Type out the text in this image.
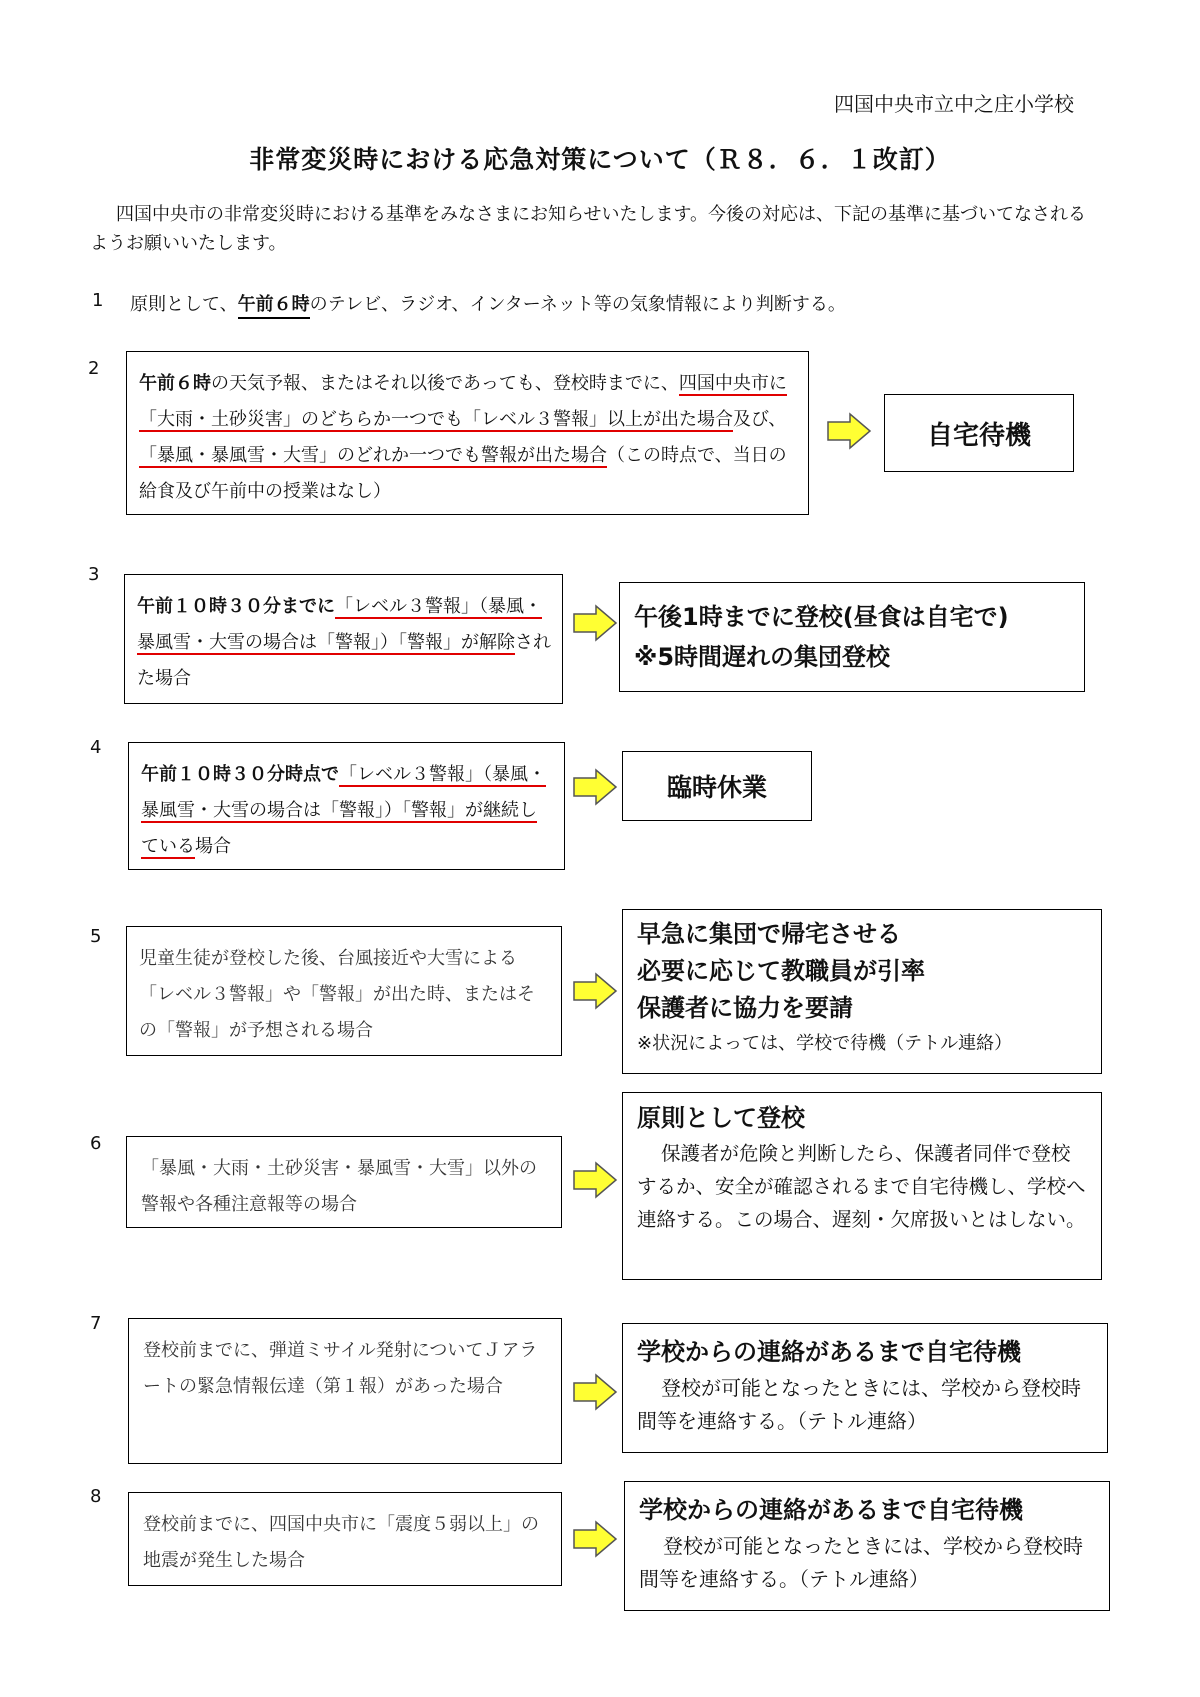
四国中央市立中之庄小学校
非常変災時における応急対策について（Ｒ８．６．１改訂）
四国中央市の非常変災時における基準をみなさまにお知らせいたします。今後の対応は、下記の基準に基づいてなされるようお願いいたします。
1 原則として、午前６時のテレビ、ラジオ、インターネット等の気象情報により判断する。
2
午前６時の天気予報、またはそれ以後であっても、登校時までに、四国中央市に「大雨・土砂災害」のどちらか一つでも「レベル３警報」以上が出た場合及び、「暴風・暴風雪・大雪」のどれか一つでも警報が出た場合（この時点で、当日の給食及び午前中の授業はなし）
自宅待機
3
午前１０時３０分までに「レベル３警報」（暴風・暴風雪・大雪の場合は「警報」）「警報」が解除された場合
午後1時までに登校(昼食は自宅で)
※5時間遅れの集団登校
4
午前１０時３０分時点で「レベル３警報」（暴風・暴風雪・大雪の場合は「警報」）「警報」が継続している場合
臨時休業
5
児童生徒が登校した後、台風接近や大雪による「レベル３警報」や「警報」が出た時、またはその「警報」が予想される場合
早急に集団で帰宅させる
必要に応じて教職員が引率
保護者に協力を要請
※状況によっては、学校で待機（テトル連絡）
6
「暴風・大雨・土砂災害・暴風雪・大雪」以外の警報や各種注意報等の場合
原則として登校
保護者が危険と判断したら、保護者同伴で登校するか、安全が確認されるまで自宅待機し、学校へ連絡する。この場合、遅刻・欠席扱いとはしない。
7
登校前までに、弾道ミサイル発射についてＪアラートの緊急情報伝達（第１報）があった場合
学校からの連絡があるまで自宅待機
登校が可能となったときには、学校から登校時間等を連絡する。（テトル連絡）
8
登校前までに、四国中央市に「震度５弱以上」の地震が発生した場合
学校からの連絡があるまで自宅待機
登校が可能となったときには、学校から登校時間等を連絡する。（テトル連絡）
